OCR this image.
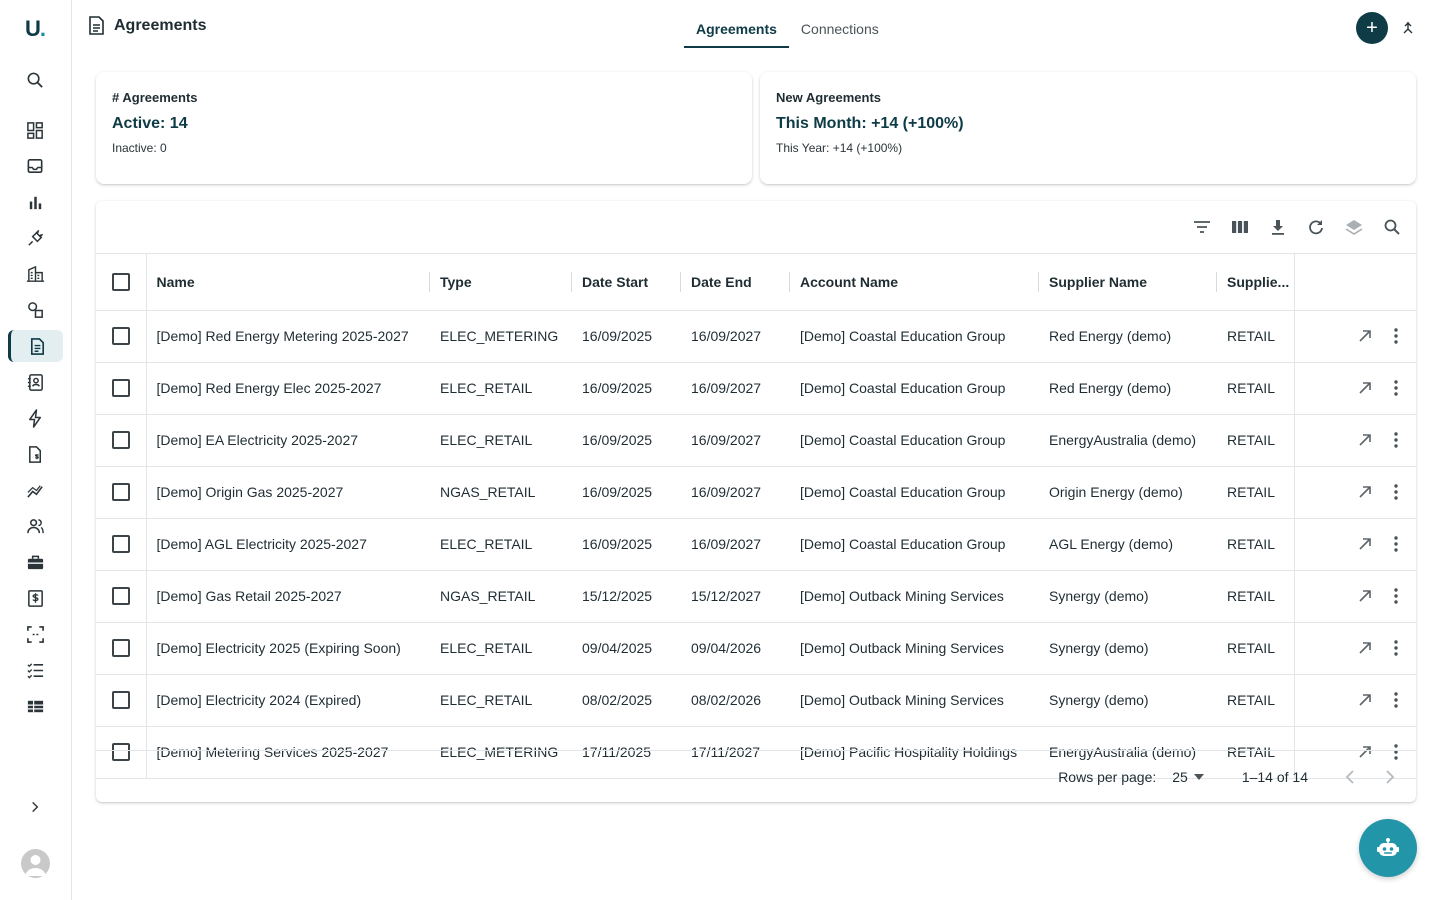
U.	Agreements	Agreements	Connections	+
# Agreements
Active: 14
Inactive: 0
New Agreements
This Month: +14 (+100%)
This Year: +14 (+100%)
	Name	Type	Date Start	Date End	Account Name	Supplier Name	Supplie...	
	[Demo] Red Energy Metering 2025-2027	ELEC_METERING	16/09/2025	16/09/2027	[Demo] Coastal Education Group	Red Energy (demo)	RETAIL	

	[Demo] Red Energy Elec 2025-2027	ELEC_RETAIL	16/09/2025	16/09/2027	[Demo] Coastal Education Group	Red Energy (demo)	RETAIL	

	[Demo] EA Electricity 2025-2027	ELEC_RETAIL	16/09/2025	16/09/2027	[Demo] Coastal Education Group	EnergyAustralia (demo)	RETAIL	

	[Demo] Origin Gas 2025-2027	NGAS_RETAIL	16/09/2025	16/09/2027	[Demo] Coastal Education Group	Origin Energy (demo)	RETAIL	

	[Demo] AGL Electricity 2025-2027	ELEC_RETAIL	16/09/2025	16/09/2027	[Demo] Coastal Education Group	AGL Energy (demo)	RETAIL	

	[Demo] Gas Retail 2025-2027	NGAS_RETAIL	15/12/2025	15/12/2027	[Demo] Outback Mining Services	Synergy (demo)	RETAIL	

	[Demo] Electricity 2025 (Expiring Soon)	ELEC_RETAIL	09/04/2025	09/04/2026	[Demo] Outback Mining Services	Synergy (demo)	RETAIL	

	[Demo] Electricity 2024 (Expired)	ELEC_RETAIL	08/02/2025	08/02/2026	[Demo] Outback Mining Services	Synergy (demo)	RETAIL	

	[Demo] Metering Services 2025-2027	ELEC_METERING	17/11/2025	17/11/2027	[Demo] Pacific Hospitality Holdings	EnergyAustralia (demo)	RETAIL	
Rows per page: 25	1–14 of 14
